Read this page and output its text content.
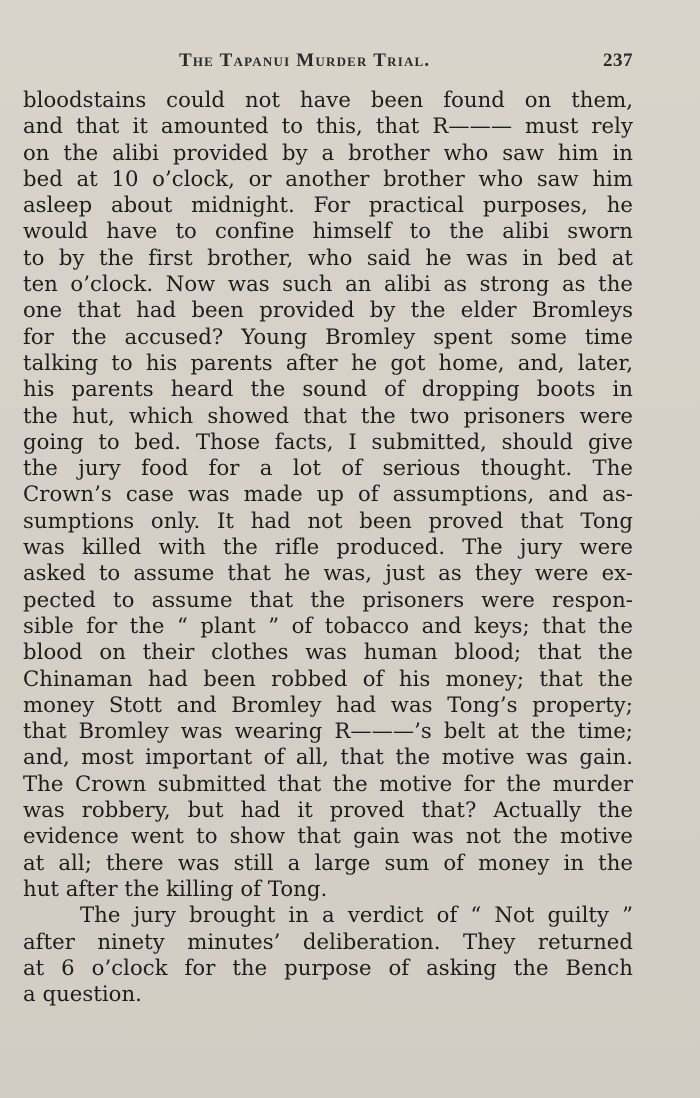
The Tapanui Murder Trial.	237
bloodstains could not have been found on them,
and that it amounted to this, that R——— must rely
on the alibi provided by a brother who saw him in
bed at 10 o’clock, or another brother who saw him
asleep about midnight. For practical purposes, he
would have to confine himself to the alibi sworn
to by the first brother, who said he was in bed at
ten o’clock. Now was such an alibi as strong as the
one that had been provided by the elder Bromleys
for the accused? Young Bromley spent some time
talking to his parents after he got home, and, later,
his parents heard the sound of dropping boots in
the hut, which showed that the two prisoners were
going to bed. Those facts, I submitted, should give
the jury food for a lot of serious thought. The
Crown’s case was made up of assumptions, and as-
sumptions only. It had not been proved that Tong
was killed with the rifle produced. The jury were
asked to assume that he was, just as they were ex-
pected to assume that the prisoners were respon-
sible for the “ plant ” of tobacco and keys; that the
blood on their clothes was human blood; that the
Chinaman had been robbed of his money; that the
money Stott and Bromley had was Tong’s property;
that Bromley was wearing R———’s belt at the time;
and, most important of all, that the motive was gain.
The Crown submitted that the motive for the murder
was robbery, but had it proved that? Actually the
evidence went to show that gain was not the motive
at all; there was still a large sum of money in the
hut after the killing of Tong.
The jury brought in a verdict of “ Not guilty ”
after ninety minutes’ deliberation. They returned
at 6 o’clock for the purpose of asking the Bench
a question.
